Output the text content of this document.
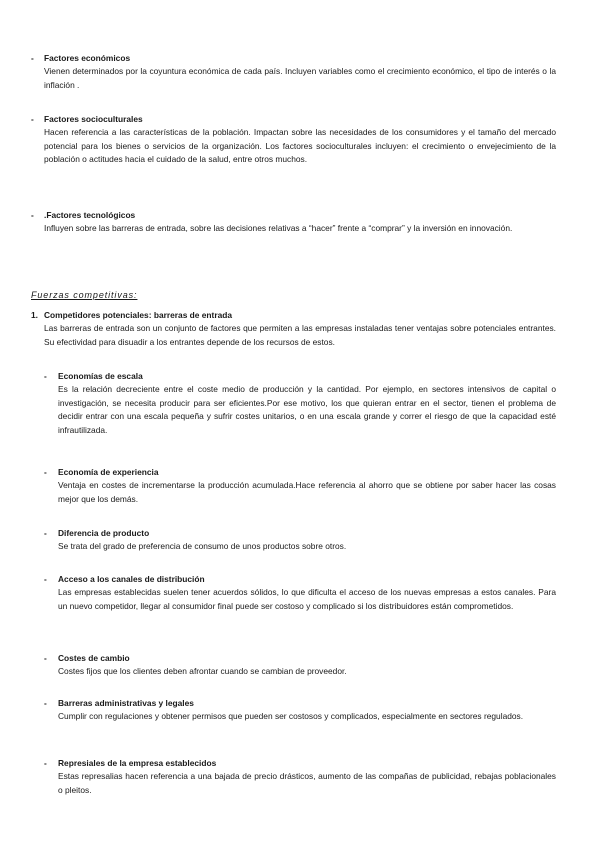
- Factores económicos
Vienen determinados por la coyuntura económica de cada país. Incluyen variables como el crecimiento económico, el tipo de interés o la inflación .
- Factores socioculturales
Hacen referencia a las características de la población. Impactan sobre las necesidades de los consumidores y el tamaño del mercado potencial para los bienes o servicios de la organización. Los factores socioculturales incluyen: el crecimiento o envejecimiento de la población o actitudes hacia el cuidado de la salud, entre otros muchos.
- .Factores tecnológicos
Influyen sobre las barreras de entrada, sobre las decisiones relativas a “hacer” frente a “comprar” y la inversión en innovación.
Fuerzas competitivas:
1. Competidores potenciales: barreras de entrada
Las barreras de entrada son un conjunto de factores que permiten a las empresas instaladas tener ventajas sobre potenciales entrantes. Su efectividad para disuadir a los entrantes depende de los recursos de estos.
- Economías de escala
Es la relación decreciente entre el coste medio de producción y la cantidad. Por ejemplo, en sectores intensivos de capital o investigación, se necesita producir para ser eficientes.Por ese motivo, los que quieran entrar en el sector, tienen el problema de decidir entrar con una escala pequeña y sufrir costes unitarios, o en una escala grande y correr el riesgo de que la capacidad esté infrautilizada.
- Economía de experiencia
Ventaja en costes de incrementarse la producción acumulada.Hace referencia al ahorro que se obtiene por saber hacer las cosas mejor que los demás.
- Diferencia de producto
Se trata del grado de preferencia de consumo de unos productos sobre otros.
- Acceso a los canales de distribución
Las empresas establecidas suelen tener acuerdos sólidos, lo que dificulta el acceso de los nuevas empresas a estos canales. Para un nuevo competidor, llegar al consumidor final puede ser costoso y complicado si los distribuidores están comprometidos.
- Costes de cambio
Costes fijos que los clientes deben afrontar cuando se cambian de proveedor.
- Barreras administrativas y legales
Cumplir con regulaciones y obtener permisos que pueden ser costosos y complicados, especialmente en sectores regulados.
- Represiales de la empresa establecidos
Estas represalias hacen referencia a una bajada de precio drásticos, aumento de las compañas de publicidad, rebajas poblacionales o pleitos.
